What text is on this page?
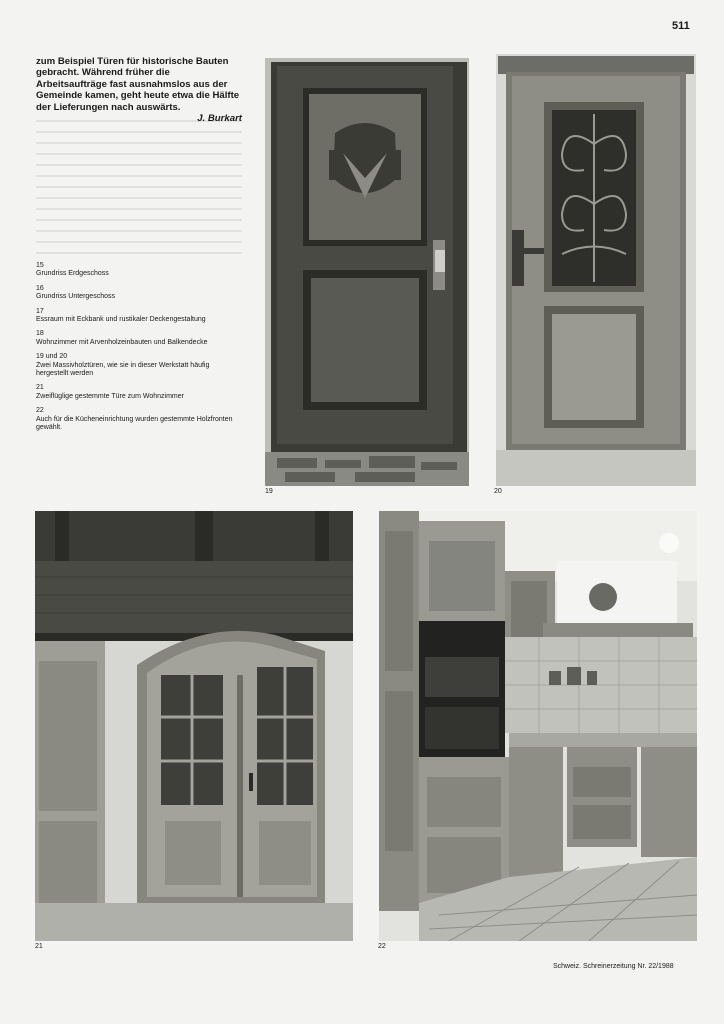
511
zum Beispiel Türen für historische Bauten gebracht. Während früher die Arbeitsaufträge fast ausnahmslos aus der Gemeinde kamen, geht heute etwa die Hälfte der Lieferungen nach auswärts.
J. Burkart
15
Grundriss Erdgeschoss
16
Grundriss Untergeschoss
17
Essraum mit Eckbank und rustikaler Deckengestaltung
18
Wohnzimmer mit Arvenholzeinbauten und Balkendecke
19 und 20
Zwei Massivholztüren, wie sie in dieser Werkstatt häufig hergestellt werden
21
Zweiflüglige gestemmte Türe zum Wohnzimmer
22
Auch für die Kücheneinrichtung wurden gestemmte Holzfronten gewählt.
19	20
21	22
Schweiz. Schreinerzeitung Nr. 22/1988
